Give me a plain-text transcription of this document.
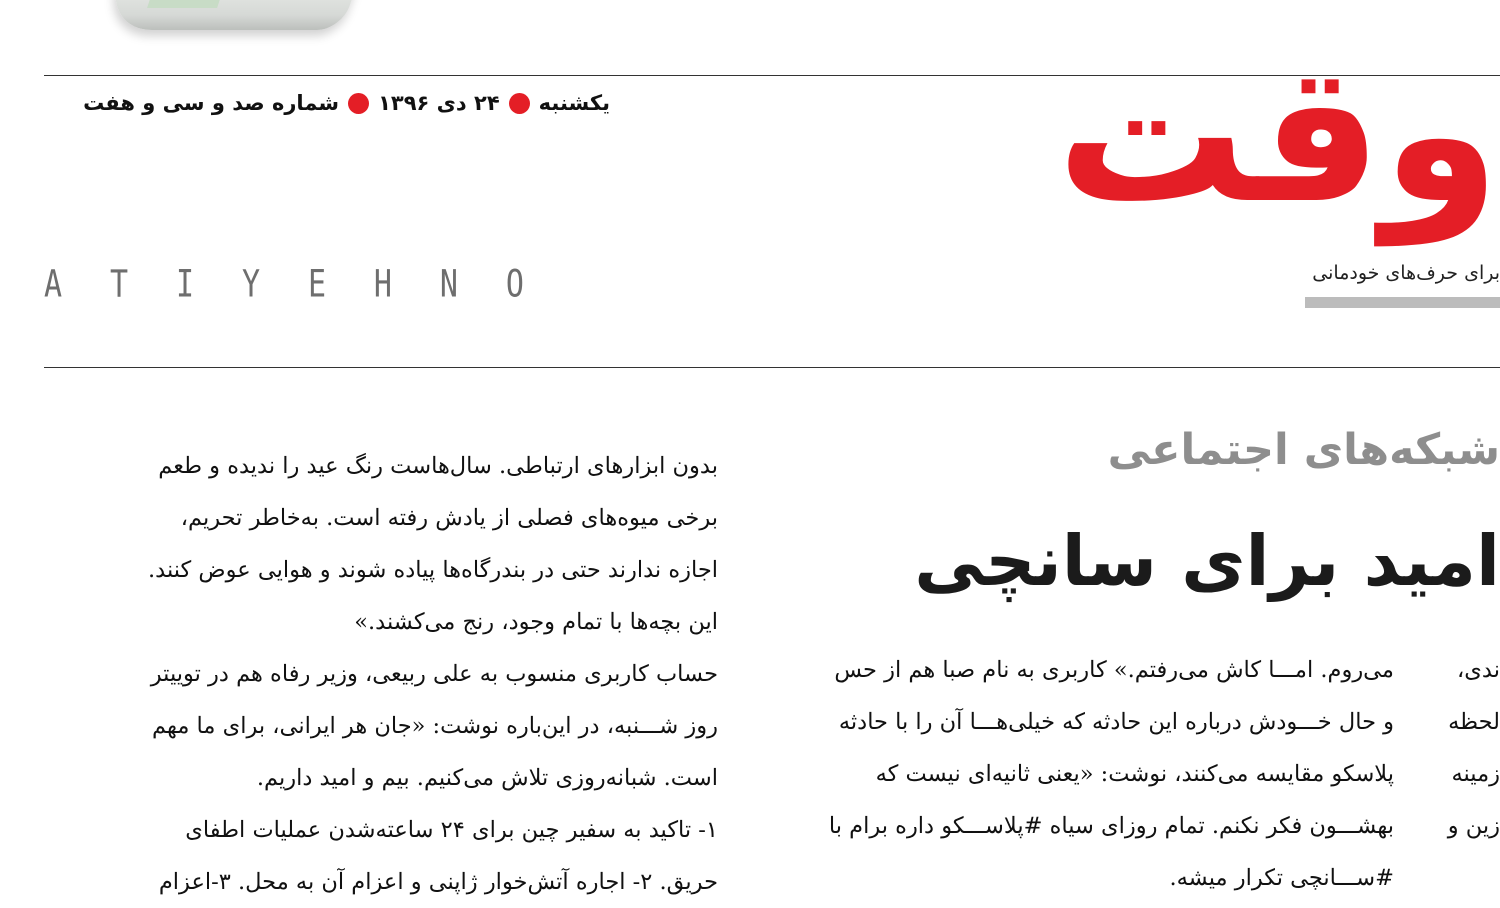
یکشنبه
۲۴ دی ۱۳۹۶
شماره صد و سی و هفت	وقت
برای حرف‌های خودمانی
A T I Y E H N O
شبکه‌های اجتماعی
امید برای سانچی

بدون ابزارهای ارتباطی. سال‌هاست رنگ عید را ندیده و طعم

برخی میوه‌های فصلی از یادش رفته است. به‌خاطر تحریم،

اجازه ندارند حتی در بندرگاه‌ها پیاده شوند و هوایی عوض کنند.

این بچه‌ها با تمام وجود، رنج می‌کشند.»

حساب کاربری منسوب به علی ربیعی، وزیر رفاه هم در توییتر

روز شـــنبه، در این‌باره نوشت: «جان هر ایرانی، برای ما مهم

است. شبانه‌روزی تلاش می‌کنیم. بیم و امید داریم.

۱- تاکید به سفیر چین برای ۲۴ ساعته‌شدن عملیات اطفای

حریق. ۲- اجاره آتش‌خوار ژاپنی و اعزام آن به محل. ۳-اعزام

می‌روم. امـــا کاش می‌رفتم.» کاربری به نام صبا هم از حس

و حال خـــودش درباره این حادثه که خیلی‌هـــا آن را با حادثه

پلاسکو مقایسه می‌کنند، نوشت: «یعنی ثانیه‌ای نیست که

بهشـــون فکر نکنم. تمام روزای سیاه #پلاســـکو داره برام با

#ســـانچی تکرار میشه.

ندی،

لحظه

زمینه

زین و
